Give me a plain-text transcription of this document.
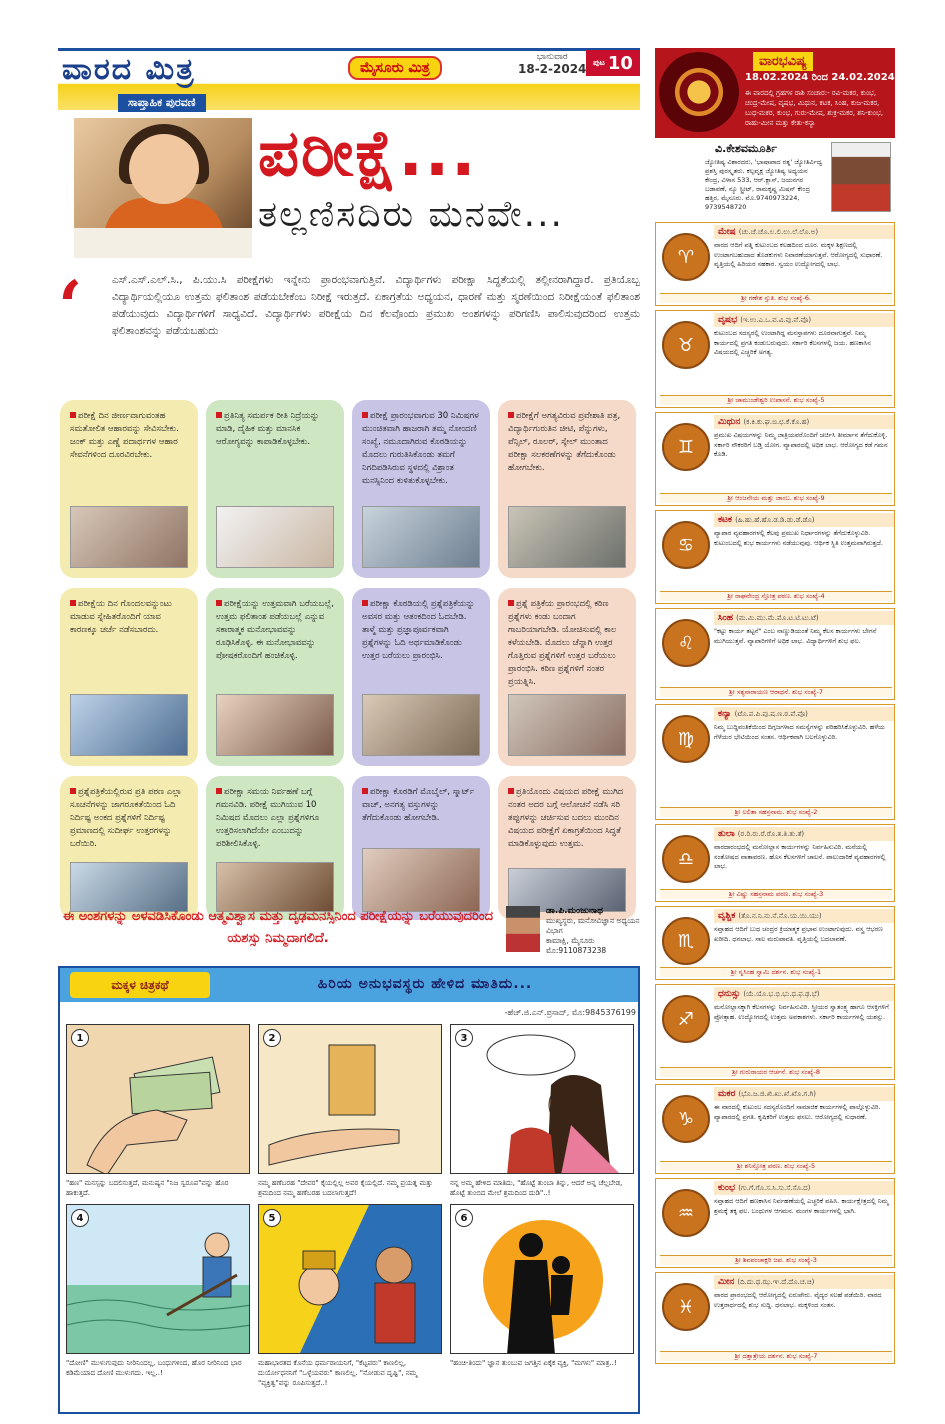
ವಾರದ ಮಿತ್ರ	ಮೈಸೂರು ಮಿತ್ರ
ಸಾಪ್ತಾಹಿಕ ಪುರವಣಿ
ಭಾನುವಾರ
18-2-2024 ಪುಟ 10
ಪರೀಕ್ಷೆ...
ತಲ್ಲಣಿಸದಿರು ಮನವೇ...
‘	ಎಸ್.ಎಸ್.ಎಲ್.ಸಿ., ಪಿ.ಯು.ಸಿ ಪರೀಕ್ಷೆಗಳು ಇನ್ನೇನು ಪ್ರಾರಂಭವಾಗುತ್ತಿವೆ. ವಿದ್ಯಾರ್ಥಿಗಳು ಪರೀಕ್ಷಾ ಸಿದ್ಧತೆಯಲ್ಲಿ ತಲ್ಲೀನರಾಗಿದ್ದಾರೆ. ಪ್ರತಿಯೊಬ್ಬ ವಿದ್ಯಾರ್ಥಿಯಲ್ಲಿಯೂ ಉತ್ತಮ ಫಲಿತಾಂಶ ಪಡೆಯಬೇಕೆಂಬ ನಿರೀಕ್ಷೆ ಇರುತ್ತದೆ. ಏಕಾಗ್ರತೆಯ ಅಧ್ಯಯನ, ಧಾರಣೆ ಮತ್ತು ಸ್ಮರಣೆಯಿಂದ ನಿರೀಕ್ಷೆಯಂತೆ ಫಲಿತಾಂಶ ಪಡೆಯುವುದು ವಿದ್ಯಾರ್ಥಿಗಳಿಗೆ ಸಾಧ್ಯವಿದೆ. ವಿದ್ಯಾರ್ಥಿಗಳು ಪರೀಕ್ಷೆಯ ದಿನ ಕೆಲವೊಂದು ಪ್ರಮುಖ ಅಂಶಗಳನ್ನು ಪರಿಗಣಿಸಿ ಪಾಲಿಸುವುದರಿಂದ ಉತ್ತಮ ಫಲಿತಾಂಶವನ್ನು ಪಡೆಯಬಹುದು

ಪರೀಕ್ಷೆ ದಿನ ಜೀರ್ಣವಾಗುವಂತಹ ಸಮತೋಲಿತ ಆಹಾರವನ್ನು ಸೇವಿಸಬೇಕು. ಜಂಕ್ ಮತ್ತು ಎಣ್ಣೆ ಪದಾರ್ಥಗಳ ಆಹಾರ ಸೇವನೆಗಳಿಂದ ದೂರವಿರಬೇಕು.
ಪ್ರತಿನಿತ್ಯ ಸಮರ್ಪಕ ರೀತಿ ನಿದ್ರೆಯನ್ನು ಮಾಡಿ, ದೈಹಿಕ ಮತ್ತು ಮಾನಸಿಕ ಆರೋಗ್ಯವನ್ನು ಕಾಪಾಡಿಕೊಳ್ಳಬೇಕು.
ಪರೀಕ್ಷೆ ಪ್ರಾರಂಭವಾಗುವ 30 ನಿಮಿಷಗಳ ಮುಂಚಿತವಾಗಿ ಹಾಜರಾಗಿ ತಮ್ಮ ನೋಂದಣಿ ಸಂಖ್ಯೆ, ನಮೂದಾಗಿರುವ ಕೊಠಡಿಯನ್ನು ಮೊದಲು ಗುರುತಿಸಿಕೊಂಡು ತಮಗೆ ನಿಗದಿಪಡಿಸಿರುವ ಸ್ಥಳದಲ್ಲಿ ವಿಶ್ರಾಂತ ಮನಸ್ಸಿನಿಂದ ಕುಳಿತುಕೊಳ್ಳಬೇಕು.
ಪರೀಕ್ಷೆಗೆ ಅಗತ್ಯವಿರುವ ಪ್ರವೇಶಾತಿ ಪತ್ರ, ವಿದ್ಯಾರ್ಥಿಗುರುತಿನ ಚೀಟಿ, ಪೆನ್ನುಗಳು, ಪೆನ್ಸಿಲ್, ರೂಲರ್, ಸ್ಕೇಲ್ ಮುಂತಾದ ಪರೀಕ್ಷಾ ಸಲಕರಣೆಗಳನ್ನು ತೆಗೆದುಕೊಂಡು ಹೋಗಬೇಕು.
ಪರೀಕ್ಷೆಯ ದಿನ ಗೊಂದಲವನ್ನುಂಟು ಮಾಡುವ ಸ್ನೇಹಿತರೊಂದಿಗೆ ಯಾವ ಕಾರಣಕ್ಕೂ ಚರ್ಚೆ ನಡೆಸಬಾರದು.
ಪರೀಕ್ಷೆಯನ್ನು ಉತ್ತಮವಾಗಿ ಬರೆಯಬಲ್ಲೆ, ಉತ್ತಮ ಫಲಿತಾಂಶ ಪಡೆಯಬಲ್ಲೆ ಎನ್ನುವ ಸಕಾರಾತ್ಮಕ ಮನೋಭಾವವನ್ನು ರೂಢಿಸಿಕೊಳ್ಳಿ. ಈ ಮನೋಭಾವವನ್ನು ಪೋಷಕರೊಂದಿಗೆ ಹಂಚಿಕೊಳ್ಳಿ.
ಪರೀಕ್ಷಾ ಕೊಠಡಿಯಲ್ಲಿ ಪ್ರಶ್ನೆಪತ್ರಿಕೆಯನ್ನು ಅವಸರ ಮತ್ತು ಆತಂಕದಿಂದ ಓದಬೇಡಿ. ತಾಳ್ಮೆ ಮತ್ತು ಪ್ರಜ್ಞಾಪೂರ್ವಕವಾಗಿ ಪ್ರಶ್ನೆಗಳನ್ನು ಓದಿ ಅರ್ಥಮಾಡಿಕೊಂಡು ಉತ್ತರ ಬರೆಯಲು ಪ್ರಾರಂಭಿಸಿ.
ಪ್ರಶ್ನೆ ಪತ್ರಿಕೆಯ ಪ್ರಾರಂಭದಲ್ಲಿ ಕಠಿಣ ಪ್ರಶ್ನೆಗಳು ಕಂಡು ಬಂದಾಗ ಗಾಬರಿಯಾಗಬೇಡಿ. ಯೋಚಿಸುವಲ್ಲಿ ಕಾಲ ಕಳೆಯಬೇಡಿ. ಮೊದಲು ಚೆನ್ನಾಗಿ ಉತ್ತರ ಗೊತ್ತಿರುವ ಪ್ರಶ್ನೆಗಳಿಗೆ ಉತ್ತರ ಬರೆಯಲು ಪ್ರಾರಂಭಿಸಿ. ಕಠಿಣ ಪ್ರಶ್ನೆಗಳಿಗೆ ನಂತರ ಪ್ರಯತ್ನಿಸಿ.
ಪ್ರಶ್ನೆಪತ್ರಿಕೆಯಲ್ಲಿರುವ ಪ್ರತಿ ಪಠಣ ಎಲ್ಲಾ ಸೂಚನೆಗಳನ್ನು ಜಾಗರೂಕತೆಯಿಂದ ಓದಿ ನಿರ್ದಿಷ್ಟ ಅಂಕದ ಪ್ರಶ್ನೆಗಳಿಗೆ ನಿರ್ದಿಷ್ಟ ಪ್ರಮಾಣದಲ್ಲಿ ಸುದೀರ್ಘ ಉತ್ತರಗಳನ್ನು ಬರೆಯಿರಿ.
ಪರೀಕ್ಷಾ ಸಮಯ ನಿರ್ವಹಣೆ ಬಗ್ಗೆ ಗಮನವಿಡಿ. ಪರೀಕ್ಷೆ ಮುಗಿಯುವ 10 ನಿಮಿಷದ ಮೊದಲು ಎಲ್ಲಾ ಪ್ರಶ್ನೆಗಳಿಗೂ ಉತ್ತರಿಸಲಾಗಿದೆಯೇ ಎಂಬುದನ್ನು ಪರಿಶೀಲಿಸಿಕೊಳ್ಳಿ.
ಪರೀಕ್ಷಾ ಕೊಠಡಿಗೆ ಮೊಬೈಲ್, ಸ್ಮಾರ್ಟ್ ವಾಚ್, ಅನಗತ್ಯ ವಸ್ತುಗಳನ್ನು ತೆಗೆದುಕೊಂಡು ಹೋಗಬೇಡಿ.
ಪ್ರತಿಯೊಂದು ವಿಷಯದ ಪರೀಕ್ಷೆ ಮುಗಿದ ನಂತರ ಅದರ ಬಗ್ಗೆ ಆಲೋಚನೆ ನಡೆಸಿ ಸರಿ ತಪ್ಪುಗಳನ್ನು ಚರ್ಚಿಸುವ ಬದಲು ಮುಂದಿನ ವಿಷಯದ ಪರೀಕ್ಷೆಗೆ ಏಕಾಗ್ರತೆಯಿಂದ ಸಿದ್ಧತೆ ಮಾಡಿಕೊಳ್ಳುವುದು ಉತ್ತಮ.
ಈ ಅಂಶಗಳನ್ನು ಅಳವಡಿಸಿಕೊಂಡು ಆತ್ಮವಿಶ್ವಾಸ ಮತ್ತು ದೃಢಮನಸ್ಸಿನಿಂದ ಪರೀಕ್ಷೆಯನ್ನು ಬರೆಯುವುದರಿಂದ ಯಶಸ್ಸು ನಿಮ್ಮದಾಗಲಿದೆ.
ಡಾ.ಪಿ.ಮಂಜುನಾಥ
ಮುಖ್ಯಸ್ಥರು, ಮನೋವಿಜ್ಞಾನ ಅಧ್ಯಯನ ವಿಭಾಗ
ಕಾಮಾಕ್ಷಿ, ಮೈಸೂರು
ಮೊ:9110873238
ಮಕ್ಕಳ ಚಿತ್ರಕಥೆ	ಹಿರಿಯ ಅನುಭವಸ್ಥರು ಹೇಳಿದ ಮಾತಿದು...
-ಹೆಚ್.ಜಿ.ಎನ್.ಪ್ರಸಾದ್, ಮೊ:9845376199
1
"ಹಣ" ಮನಸ್ಸನ್ನು ಬದಲಿಸುತ್ತದೆ, ಮನುಷ್ಯನ "ನಿಜ ಸ್ವರೂಪ"ವನ್ನು ಹೊರ ಹಾಕುತ್ತದೆ.
2
ನಮ್ಮ ಹಣೆಬರಹ "ದೇವರ" ಕೈಯಲ್ಲಿಲ್ಲ ಅವರ ಕೈಯಲ್ಲಿದೆ. ನಮ್ಮ ಪ್ರಯತ್ನ ಮತ್ತು ಶ್ರಮದಿಂದ ನಮ್ಮ ಹಣೆಬರಹ ಬದಲಾಗುತ್ತದೆ!
3
ನನ್ನ ಅಮ್ಮ ಹೇಳಿದ ಮಾತಿದು, "ಹೊಟ್ಟೆ ತುಂಬಾ ತಿನ್ನು, ಆದರೆ ಅನ್ನ ಚೆಲ್ಲಬೇಡ, ಹೊಟ್ಟೆ ತುಂಬಿದ ಮೇಲೆ ಶ್ರಮದಿಂದ ದುಡಿ"..!
4
"ದೋಣಿ" ಮುಳುಗುವುದು ನೀರಿನಿಂದಲ್ಲ, ಬಂಧುಗಳಿಂದ, ಹೊರ ನೀರಿನಿಂದ ಭಾರ ಕಡಿಮೆಯಾದ ದೋಣಿ ಮುಳುಗದು. ಇಲ್ಲ..!
5
ಮಹಾಭಾರತದ ಕೊನೆಯ ಧರ್ಮರಾಯನಿಗೆ, "ಕೆಟ್ಟವರು" ಕಾಣಲಿಲ್ಲ, ದುರ್ಯೋಧನನಿಗೆ "ಒಳ್ಳೆಯವರು" ಕಾಣಲಿಲ್ಲ. "ನೋಡುವ ದೃಷ್ಟಿ", ನಮ್ಮ "ವ್ಯಕ್ತಿತ್ವ"ವನ್ನು ರೂಪಿಸುತ್ತದೆ..!
6
"ಹಂಚಿ-ತಿಂದು" ಜ್ಞಾನ ತುಂಬುವ ಜಗತ್ತಿನ ಏಕೈಕ ವ್ಯಕ್ತಿ, "ಮಗಳು" ಮಾತ್ರ..!
ವಾರಭವಿಷ್ಯ
18.02.2024 ರಿಂದ 24.02.2024
ಈ ವಾರದಲ್ಲಿ ಗ್ರಹಗಳ ರಾಶಿ ಸಂಚಾರ:- ರವಿ-ಮಕರ, ಕುಂಭ, ಚಂದ್ರ-ಮೇಷ, ವೃಷಭ, ಮಿಥುನ, ಕಟಕ, ಸಿಂಹ, ಕುಜ-ಮಕರ, ಬುಧ-ಮಕರ, ಕುಂಭ, ಗುರು-ಮೇಷ, ಶುಕ್ರ-ಮಕರ, ಶನಿ-ಕುಂಭ, ರಾಹು-ಮೀನ ಮತ್ತು ಕೇತು-ಕನ್ಯಾ
ವಿ.ಕೇಶವಮೂರ್ತಿ
ಜ್ಯೋತಿಷ್ಯ ವಿಶಾರದರು, 'ಭಾಷಾಪಾದ ರತ್ನ' ಜ್ಯೋತಿರ್ವಿದ್ವ ಪ್ರಶಸ್ತಿ ಪುರಸ್ಕೃತರು. ಕಲ್ಪವೃಕ್ಷ ಜ್ಯೋತಿಷ್ಯ ಅಧ್ಯಯನ ಕೇಂದ್ರ, ವಿಳಾಸ 533, ಆರ್.ಕ್ಲಾಸ್, ಜಯನಗರ ಬಡಾವಣೆ, ನ್ಯೂ ಸ್ಟ್ರೀಟ್, ರಾಮಕೃಷ್ಣ ಮಿಷನ್ ಕೇಂದ್ರ ಹತ್ತಿರ, ಮೈಸೂರು. ಮೊ.9740973224, 9739548720
♈
ಮೇಷ (ಚು.ಚೆ.ಚೊ.ಲ.ಲಿ.ಲು.ಲೆ.ಲೊ.ಅ)
ವಾರದ ಆದಿಗೆ ಪತ್ನಿ ಕುಟುಂಬದ ಕಲಹದಿಂದ ದೂರ. ಮಕ್ಕಳ ಶಿಕ್ಷಣದಲ್ಲಿ ಉಂಟಾಗಬಹುದಾದ ತೊಡಕುಗಳು ನಿವಾರಣೆಯಾಗುತ್ತವೆ. ಆರೋಗ್ಯದಲ್ಲಿ ಸುಧಾರಣೆ. ವೃತ್ತಿಯಲ್ಲಿ ಹಿರಿಯರ ಸಹಕಾರ. ಸ್ವಯಂ ಉದ್ಯೋಗದಲ್ಲಿ ಲಾಭ.
ಶ್ರೀ ಗಣೇಶ ಸ್ತುತಿ. ಶುಭ ಸಂಖ್ಯೆ-6.
♉
ವೃಷಭ (ಇ.ಉ.ಎ.ಒ.ವ.ವಿ.ವು.ವೆ.ವೊ)
ಕುಟುಂಬದ ಸದಸ್ಯರಲ್ಲಿ ಉಂಟಾಗಿದ್ದ ಮನಸ್ತಾಪಗಳು ದೂರವಾಗುತ್ತವೆ. ನಿಮ್ಮ ಕಾರ್ಯದಲ್ಲಿ ಪ್ರಗತಿ ಕಂಡುಬರುವುದು. ಸರ್ಕಾರಿ ಕೆಲಸಗಳಲ್ಲಿ ಜಯ. ಹಣಕಾಸಿನ ವಿಷಯದಲ್ಲಿ ಎಚ್ಚರಿಕೆ ಅಗತ್ಯ.
ಶ್ರೀ ಚಾಮುಂಡೇಶ್ವರಿ ಉಪಾಸನೆ. ಶುಭ ಸಂಖ್ಯೆ-5
♊
ಮಿಥುನ (ಕ.ಕಿ.ಕು.ಘ.ಙ.ಛ.ಕೆ.ಕೊ.ಹ)
ಪ್ರಮುಖ ವಿಷಯಗಳನ್ನು ನಿಮ್ಮ ಜಾತ್ರಿಯವರೊಂದಿಗೆ ಚರ್ಚಿಸಿ ತೀರ್ಮಾನ ತೆಗೆದುಕೊಳ್ಳಿ. ಸರ್ಕಾರಿ ನೌಕರರಿಗೆ ಬಡ್ತಿ ಯೋಗ. ವ್ಯಾಪಾರದಲ್ಲಿ ಅಧಿಕ ಲಾಭ. ಆರೋಗ್ಯದ ಕಡೆ ಗಮನ ಕೊಡಿ.
ಶ್ರೀ ಆಂಜನೇಯ ಮತ್ತು ಜಾಂಬ. ಶುಭ ಸಂಖ್ಯೆ-9
♋
ಕಟಕ (ಹಿ.ಹು.ಹೆ.ಹೊ.ಡ.ಡಿ.ಡು.ಡೆ.ಡೊ)
ವ್ಯಾಪಾರ ವ್ಯವಹಾರಗಳಲ್ಲಿ ಕೆಲವು ಪ್ರಮುಖ ನಿರ್ಧಾರಗಳನ್ನು ತೆಗೆದುಕೊಳ್ಳುವಿರಿ. ಕುಟುಂಬದಲ್ಲಿ ಶುಭ ಕಾರ್ಯಗಳು ನಡೆಯುವುವು. ಆರ್ಥಿಕ ಸ್ಥಿತಿ ಉತ್ತಮವಾಗಿರುತ್ತದೆ.
ಶ್ರೀ ರಾಘವೇಂದ್ರ ಸ್ತೋತ್ರ ಪಠಣ. ಶುಭ ಸಂಖ್ಯೆ-4
♌
ಸಿಂಹ (ಮ.ಮಿ.ಮು.ಮೆ.ಮೊ.ಟ.ಟಿ.ಟು.ಟೆ)
"ಕಟ್ಟು ಕಾರ್ಯ ತಟ್ಟನೆ" ಎಂಬ ನಾಣ್ಣುಡಿಯಂತೆ ನಿಮ್ಮ ಕೆಲಸ ಕಾರ್ಯಗಳು ಬೇಗನೆ ಮುಗಿಯುತ್ತವೆ. ವ್ಯಾಪಾರಿಗಳಿಗೆ ಅಧಿಕ ಲಾಭ. ವಿದ್ಯಾರ್ಥಿಗಳಿಗೆ ಶುಭ ಫಲ.
ಶ್ರೀ ಸತ್ಯನಾರಾಯಣ ಆರಾಧನೆ. ಶುಭ ಸಂಖ್ಯೆ-7
♍
ಕನ್ಯಾ (ಟೊ.ಪ.ಪಿ.ಪು.ಷ.ಣ.ಠ.ಪೆ.ಪೊ)
ನಿಮ್ಮ ಬುದ್ಧಿವಂತಿಕೆಯಿಂದ ದಿಗ್ಗಜಗಳಾದ ಸಮಸ್ಯೆಗಳನ್ನು ಪರಿಹರಿಸಿಕೊಳ್ಳುವಿರಿ. ಹಳೆಯ ಗೆಳೆಯರ ಭೇಟಿಯಿಂದ ಸಂತಸ. ಆರ್ಥಿಕವಾಗಿ ಬಲಗೊಳ್ಳುವಿರಿ.
ಶ್ರೀ ಲಲಿತಾ ಸಹಸ್ರನಾಮ. ಶುಭ ಸಂಖ್ಯೆ-2
♎
ತುಲಾ (ರ.ರಿ.ರು.ರೆ.ರೊ.ತ.ತಿ.ತು.ತೆ)
ವಾರದಾರಂಭದಲ್ಲಿ ಮನೋಲ್ಲಾಸ ಕಾರ್ಯಗಳನ್ನು ನಿರ್ವಹಿಸುವಿರಿ. ಮನೆಯಲ್ಲಿ ಸಂತೋಷದ ವಾತಾವರಣ. ಹೊಸ ಕೆಲಸಗಳಿಗೆ ಚಾಲನೆ. ಪಾಲುದಾರಿಕೆ ವ್ಯವಹಾರಗಳಲ್ಲಿ ಲಾಭ.
ಶ್ರೀ ವಿಷ್ಣು ಸಹಸ್ರನಾಮ ಪಠಣ. ಶುಭ ಸಂಖ್ಯೆ-3
♏
ವೃಶ್ಚಿಕ (ತೊ.ನ.ನಿ.ನು.ನೆ.ನೊ.ಯ.ಯಿ.ಯು)
ಸಪ್ತಾಹದ ಆದಿಗೆ ಬುಧ ಚಂದ್ರರ ಕ್ರಿಯಾತ್ಮಕ ಪ್ರಭಾವ ಉಂಟಾಗುವುದು. ವಸ್ತ್ರ ಆಭರಣ ಖರೀದಿ. ಧನಲಾಭ. ಸಾಲ ಮರುಪಾವತಿ. ವೃತ್ತಿಯಲ್ಲಿ ಬದಲಾವಣೆ.
ಶ್ರೀ ನೃಸಿಂಹ ಸ್ವಾಮಿ ದರ್ಶನ. ಶುಭ ಸಂಖ್ಯೆ-1
♐
ಧನುಸ್ಸು (ಯೆ.ಯೊ.ಭ.ಭಿ.ಭು.ಧ.ಫ.ಢ.ಭೆ)
ಮನೋಲ್ಲಾಸಕ್ಕಾಗಿ ಕೆಲಸಗಳನ್ನು ನಿರ್ವಹಿಸುವಿರಿ. ಸ್ತ್ರೀಯರ ಸ್ವಾತಂತ್ರ್ಯ ಹಾಗೂ ಆಸಕ್ತಿಗಳಿಗೆ ಪ್ರೋತ್ಸಾಹ. ಉದ್ಯೋಗದಲ್ಲಿ ಉತ್ತಮ ಅವಕಾಶಗಳು. ಸರ್ಕಾರಿ ಕಾರ್ಯಗಳಲ್ಲಿ ಯಶಸ್ಸು.
ಶ್ರೀ ಗುರುರಾಯರ ಆರ್ಚನೆ. ಶುಭ ಸಂಖ್ಯೆ-8
♑
ಮಕರ (ಭೊ.ಜ.ಜಿ.ಖಿ.ಖು.ಖೆ.ಖೊ.ಗ.ಗಿ)
ಈ ವಾರದಲ್ಲಿ ಕುಟುಂಬ ಸದಸ್ಯರೊಂದಿಗೆ ಸಾಮಾಜಿಕ ಕಾರ್ಯಗಳಲ್ಲಿ ಪಾಲ್ಗೊಳ್ಳುವಿರಿ. ವ್ಯಾಪಾರದಲ್ಲಿ ಪ್ರಗತಿ. ಕೃಷಿಕರಿಗೆ ಉತ್ತಮ ಫಸಲು. ಆರೋಗ್ಯದಲ್ಲಿ ಸುಧಾರಣೆ.
ಶ್ರೀ ಶನಿಸ್ತೋತ್ರ ಪಠಣ. ಶುಭ ಸಂಖ್ಯೆ-5
♒
ಕುಂಭ (ಗು.ಗೆ.ಗೊ.ಸ.ಸಿ.ಸು.ಸೆ.ಸೊ.ದ)
ಸಪ್ತಾಹದ ಆದಿಗೆ ಹಣಕಾಸಿನ ನಿರ್ವಹಣೆಯಲ್ಲಿ ಎಚ್ಚರಿಕೆ ವಹಿಸಿ. ಕಾರ್ಯಕ್ಷೇತ್ರದಲ್ಲಿ ನಿಮ್ಮ ಶ್ರಮಕ್ಕೆ ತಕ್ಕ ಫಲ. ಬಂಧುಗಳ ಆಗಮನ. ಮಂಗಳ ಕಾರ್ಯಗಳಲ್ಲಿ ಭಾಗಿ.
ಶ್ರೀ ಶಿವಪಂಚಾಕ್ಷರಿ ಜಪ. ಶುಭ ಸಂಖ್ಯೆ-3
♓
ಮೀನ (ದಿ.ದು.ಥ.ಝ.ಞ.ದೆ.ದೊ.ಚ.ಚಿ)
ವಾರದ ಪ್ರಾರಂಭದಲ್ಲಿ ಆರೋಗ್ಯದಲ್ಲಿ ಏರುಪೇರು. ವೈದ್ಯರ ಸಲಹೆ ಪಡೆಯಿರಿ. ವಾರದ ಉತ್ತರಾರ್ಧದಲ್ಲಿ ಶುಭ ಸುದ್ದಿ. ಧನಲಾಭ. ಮಕ್ಕಳಿಂದ ಸಂತಸ.
ಶ್ರೀ ದತ್ತಾತ್ರೇಯ ದರ್ಶನ. ಶುಭ ಸಂಖ್ಯೆ-7
